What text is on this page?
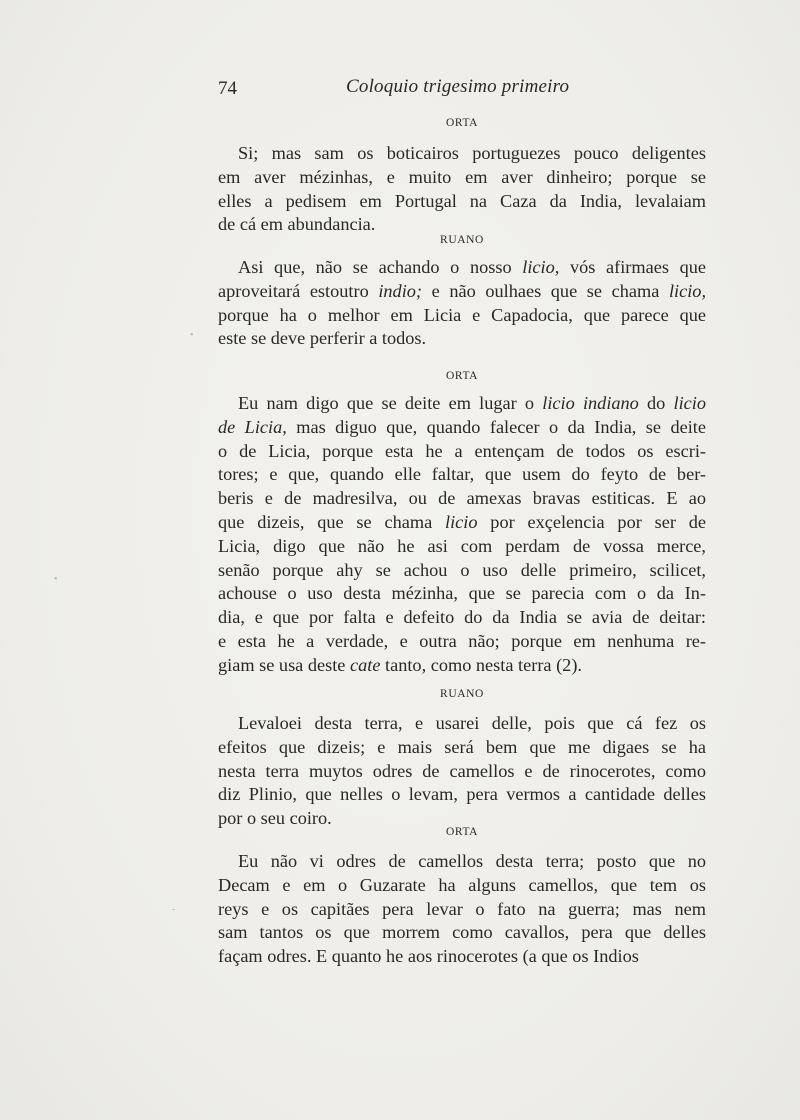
74	Coloquio trigesimo primeiro
ORTA
Si; mas sam os boticairos portuguezes pouco deligentes
em aver mézinhas, e muito em aver dinheiro; porque se
elles a pedisem em Portugal na Caza da India, levalaiam
de cá em abundancia.
RUANO
Asi que, não se achando o nosso licio, vós afirmaes que
aproveitará estoutro indio; e não oulhaes que se chama licio,
porque ha o melhor em Licia e Capadocia, que parece que
este se deve perferir a todos.
ORTA
Eu nam digo que se deite em lugar o licio indiano do licio
de Licia, mas diguo que, quando falecer o da India, se deite
o de Licia, porque esta he a entençam de todos os escri-
tores; e que, quando elle faltar, que usem do feyto de ber-
beris e de madresilva, ou de amexas bravas estiticas. E ao
que dizeis, que se chama licio por exçelencia por ser de
Licia, digo que não he asi com perdam de vossa merce,
senão porque ahy se achou o uso delle primeiro, scilicet,
achouse o uso desta mézinha, que se parecia com o da In-
dia, e que por falta e defeito do da India se avia de deitar:
e esta he a verdade, e outra não; porque em nenhuma re-
giam se usa deste cate tanto, como nesta terra (2).
RUANO
Levaloei desta terra, e usarei delle, pois que cá fez os
efeitos que dizeis; e mais será bem que me digaes se ha
nesta terra muytos odres de camellos e de rinocerotes, como
diz Plinio, que nelles o levam, pera vermos a cantidade delles
por o seu coiro.
ORTA
Eu não vi odres de camellos desta terra; posto que no
Decam e em o Guzarate ha alguns camellos, que tem os
reys e os capitães pera levar o fato na guerra; mas nem
sam tantos os que morrem como cavallos, pera que delles
façam odres. E quanto he aos rinocerotes (a que os Indios
•
•
-
